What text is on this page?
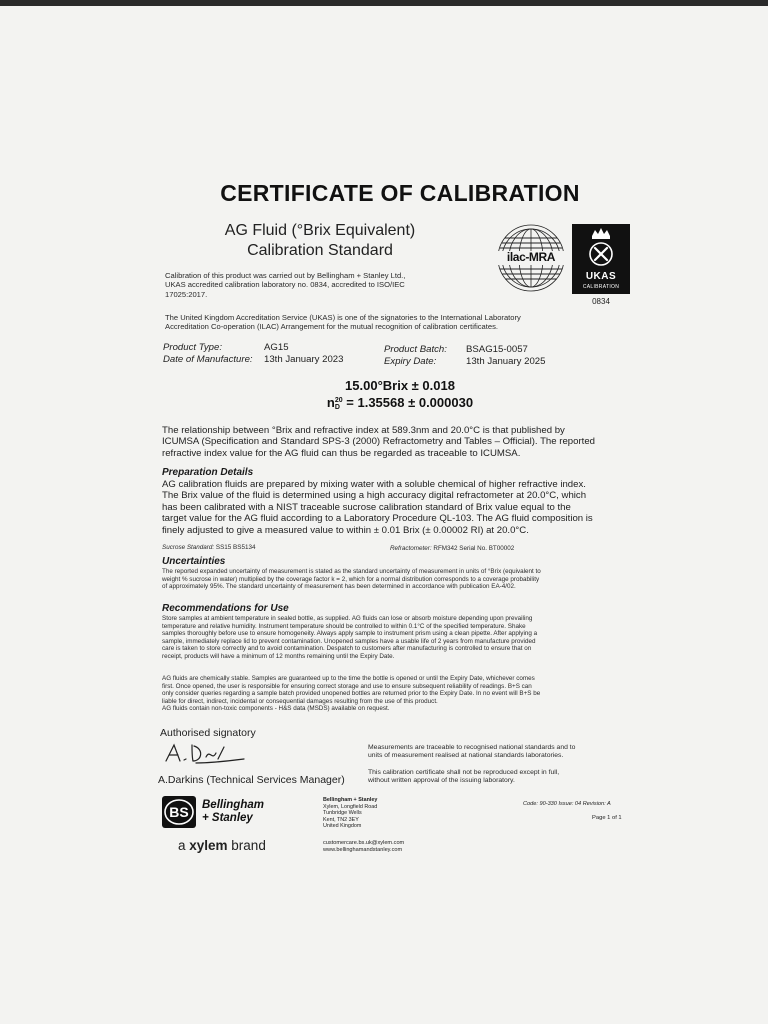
CERTIFICATE OF CALIBRATION
AG Fluid (°Brix Equivalent)
Calibration Standard	ilac-MRA
UKAS
CALIBRATION
0834
Calibration of this product was carried out by Bellingham + Stanley Ltd.,
UKAS accredited calibration laboratory no. 0834, accredited to ISO/IEC
17025:2017.
The United Kingdom Accreditation Service (UKAS) is one of the signatories to the International Laboratory
Accreditation Co-operation (ILAC) Arrangement for the mutual recognition of calibration certificates.
Product Type:	AG15
Date of Manufacture: 13th January 2023
Product Batch: BSAG15-0057
Expiry Date:	13th January 2025
15.00°Brix ± 0.018
n 20
D = 1.35568 ± 0.000030
The relationship between °Brix and refractive index at 589.3nm and 20.0°C is that published by
ICUMSA (Specification and Standard SPS-3 (2000) Refractometry and Tables – Official). The reported
refractive index value for the AG fluid can thus be regarded as traceable to ICUMSA.
Preparation Details
AG calibration fluids are prepared by mixing water with a soluble chemical of higher refractive index.
The Brix value of the fluid is determined using a high accuracy digital refractometer at 20.0°C, which
has been calibrated with a NIST traceable sucrose calibration standard of Brix value equal to the
target value for the AG fluid according to a Laboratory Procedure QL-103. The AG fluid composition is
finely adjusted to give a measured value to within ± 0.01 Brix (± 0.00002 RI) at 20.0°C.
Sucrose Standard: SS15 BS5134	Refractometer: RFM342 Serial No. BT00002
Uncertainties
The reported expanded uncertainty of measurement is stated as the standard uncertainty of measurement in units of °Brix (equivalent to
weight % sucrose in water) multiplied by the coverage factor k = 2, which for a normal distribution corresponds to a coverage probability
of approximately 95%. The standard uncertainty of measurement has been determined in accordance with publication EA-4/02.
Recommendations for Use
Store samples at ambient temperature in sealed bottle, as supplied. AG fluids can lose or absorb moisture depending upon prevailing
temperature and relative humidity. Instrument temperature should be controlled to within 0.1°C of the specified temperature. Shake
samples thoroughly before use to ensure homogeneity. Always apply sample to instrument prism using a clean pipette. After applying a
sample, immediately replace lid to prevent contamination. Unopened samples have a usable life of 2 years from manufacture provided
care is taken to store correctly and to avoid contamination. Despatch to customers after manufacturing is controlled to ensure that on
receipt, products will have a minimum of 12 months remaining until the Expiry Date.
AG fluids are chemically stable. Samples are guaranteed up to the time the bottle is opened or until the Expiry Date, whichever comes
first. Once opened, the user is responsible for ensuring correct storage and use to ensure subsequent reliability of readings. B+S can
only consider queries regarding a sample batch provided unopened bottles are returned prior to the Expiry Date. In no event will B+S be
liable for direct, indirect, incidental or consequential damages resulting from the use of this product.
AG fluids contain non-toxic components - H&S data (MSDS) available on request.
Authorised signatory
A.Darkins (Technical Services Manager)
Measurements are traceable to recognised national standards and to
units of measurement realised at national standards laboratories.
This calibration certificate shall not be reproduced except in full,
without written approval of the issuing laboratory.
BS Bellingham
+ Stanley
a xylem brand
Bellingham + Stanley
Xylem, Longfield Road
Tunbridge Wells
Kent, TN2 3EY
United Kingdom
customercare.bs.uk@xylem.com
www.bellinghamandstanley.com
Code: 90-330 Issue: 04 Revision: A
Page 1 of 1
